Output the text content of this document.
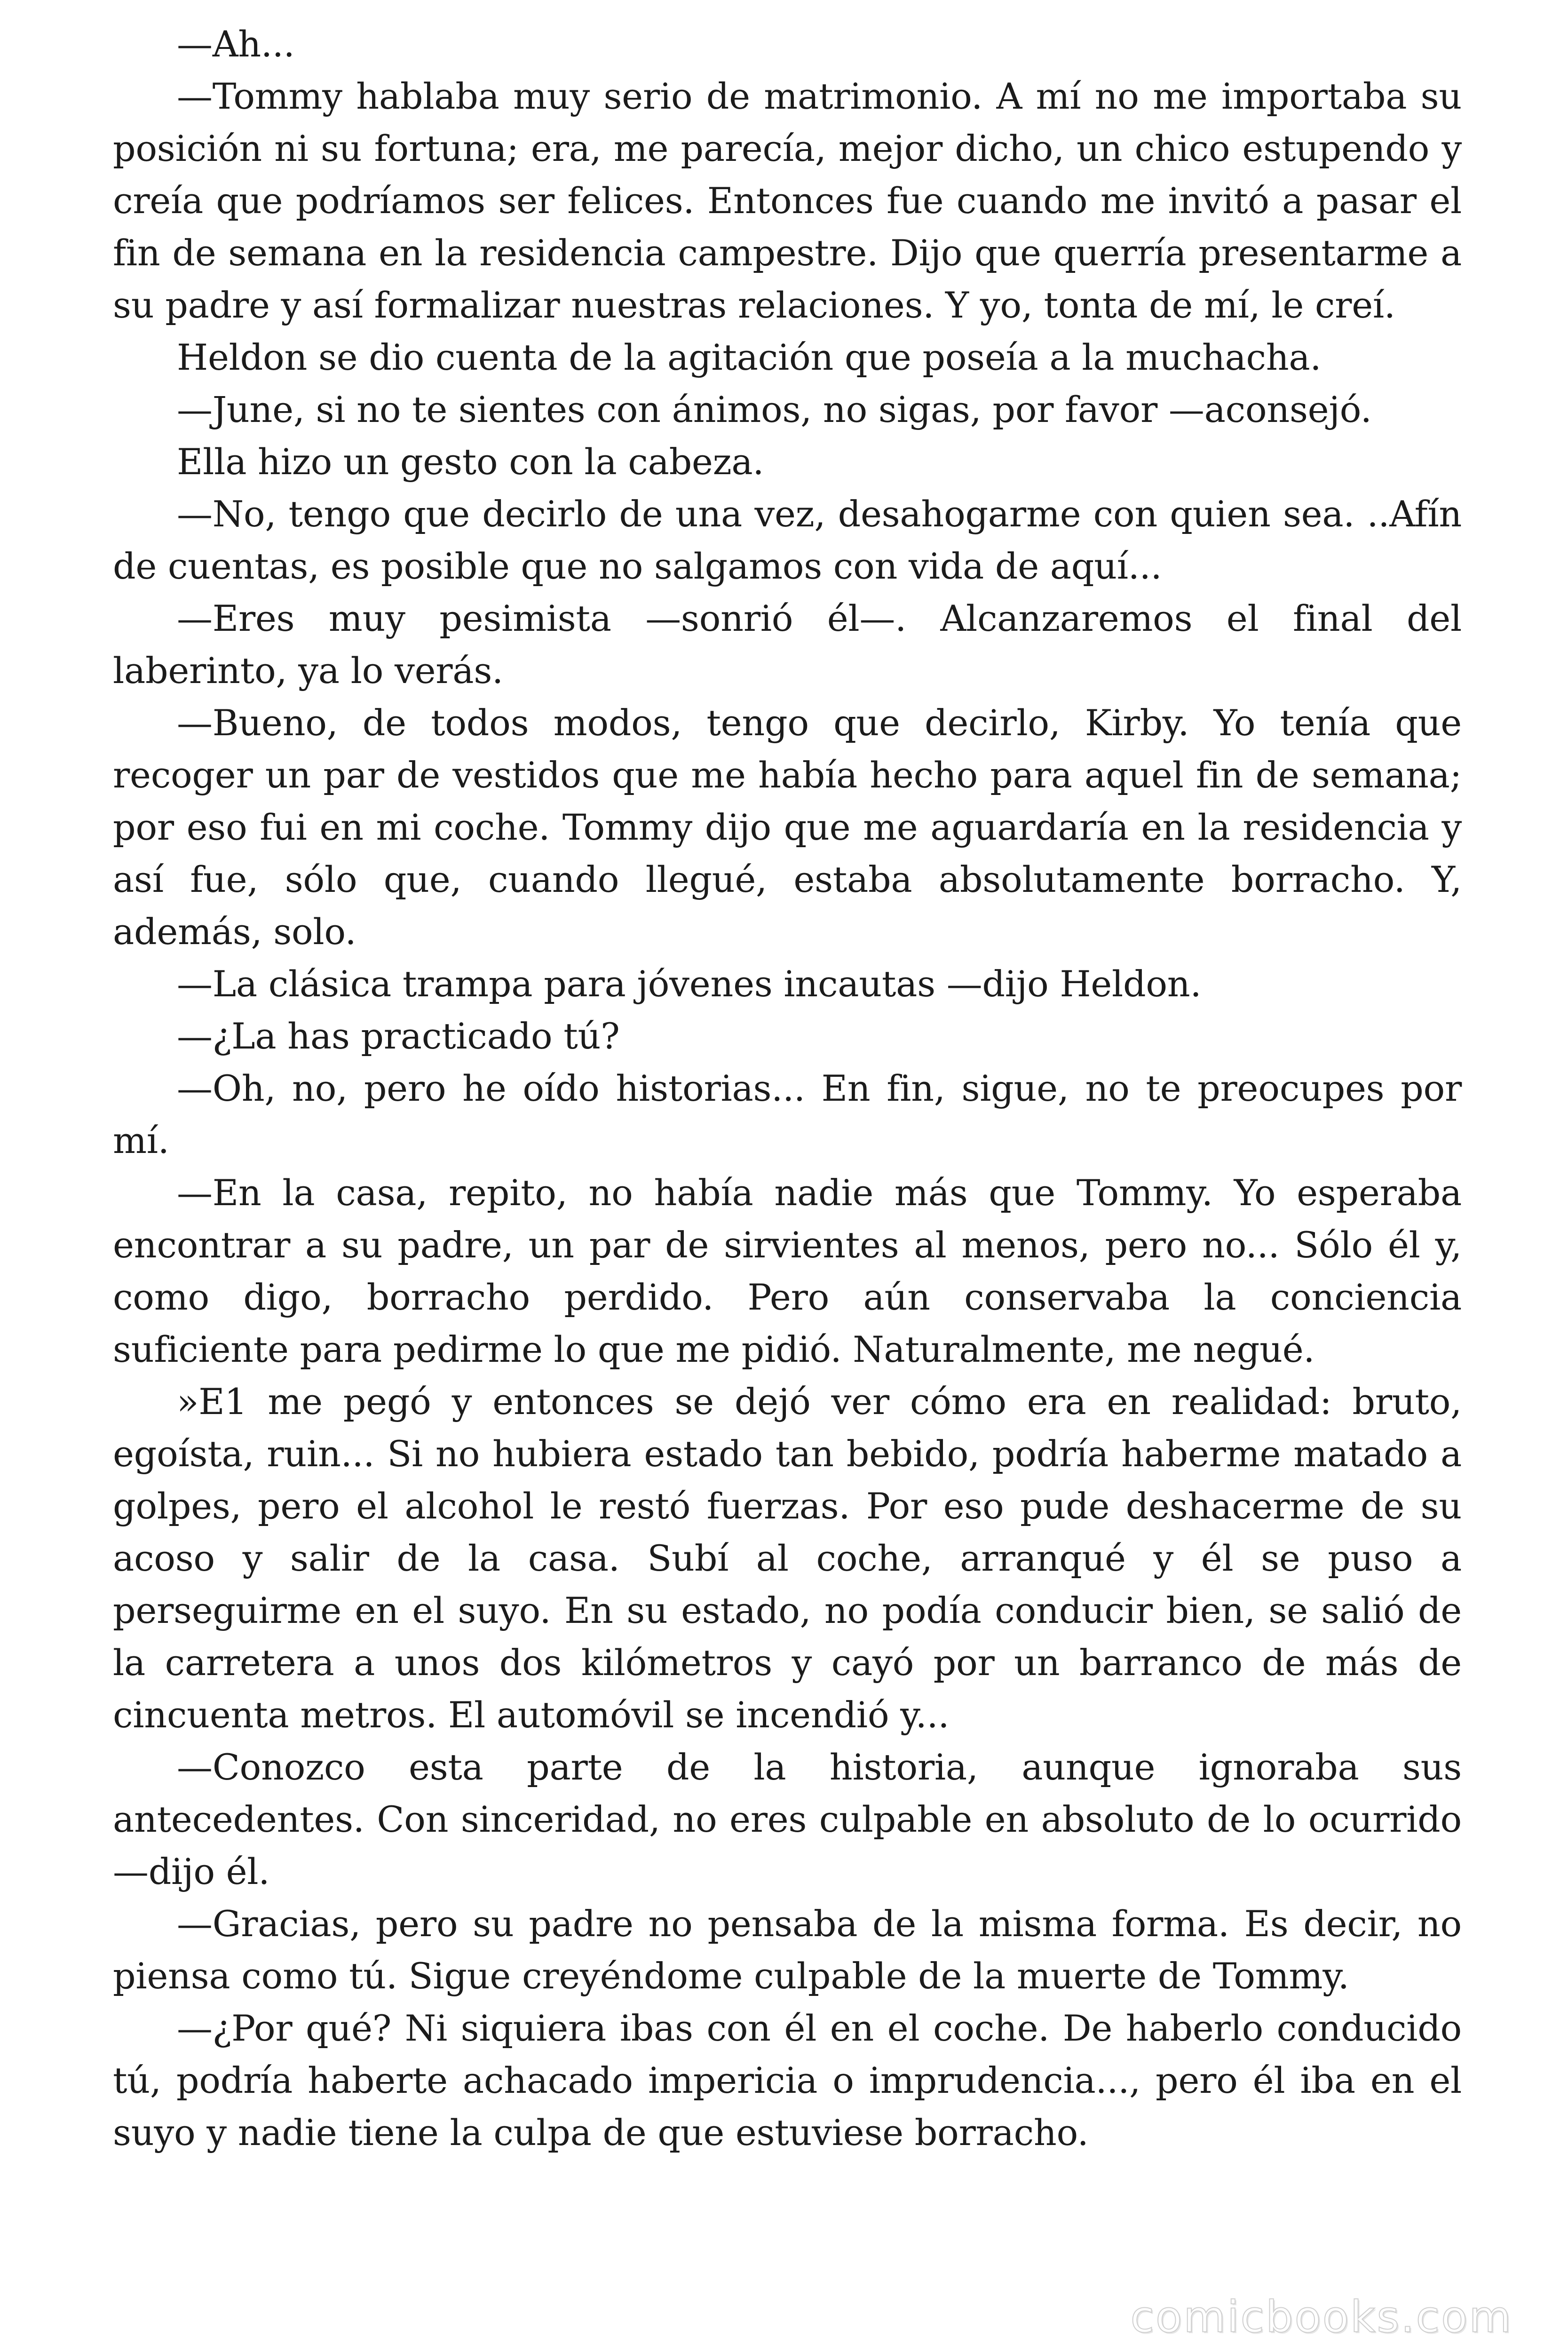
—Ah...

—Tommy hablaba muy serio de matrimonio. A mí no me importaba su posición ni su fortuna; era, me parecía, mejor dicho, un chico estupendo y creía que podríamos ser felices. Entonces fue cuando me invitó a pasar el fin de semana en la residencia campestre. Dijo que querría presentarme a su padre y así formalizar nuestras relaciones. Y yo, tonta de mí, le creí.

Heldon se dio cuenta de la agitación que poseía a la muchacha.

—June, si no te sientes con ánimos, no sigas, por favor —aconsejó.

Ella hizo un gesto con la cabeza.

—No, tengo que decirlo de una vez, desahogarme con quien sea. ..Afín de cuentas, es posible que no salgamos con vida de aquí...

—Eres muy pesimista —sonrió él—. Alcanzaremos el final del laberinto, ya lo verás.

—Bueno, de todos modos, tengo que decirlo, Kirby. Yo tenía que recoger un par de vestidos que me había hecho para aquel fin de semana; por eso fui en mi coche. Tommy dijo que me aguardaría en la residencia y así fue, sólo que, cuando llegué, estaba absolutamente borracho. Y, además, solo.

—La clásica trampa para jóvenes incautas —dijo Heldon.

—¿La has practicado tú?

—Oh, no, pero he oído historias... En fin, sigue, no te preocupes por mí.

—En la casa, repito, no había nadie más que Tommy. Yo esperaba encontrar a su padre, un par de sirvientes al menos, pero no... Sólo él y, como digo, borracho perdido. Pero aún conservaba la conciencia suficiente para pedirme lo que me pidió. Naturalmente, me negué.

»E1 me pegó y entonces se dejó ver cómo era en realidad: bruto, egoísta, ruin... Si no hubiera estado tan bebido, podría haberme matado a golpes, pero el alcohol le restó fuerzas. Por eso pude deshacerme de su acoso y salir de la casa. Subí al coche, arranqué y él se puso a perseguirme en el suyo. En su estado, no podía conducir bien, se salió de la carretera a unos dos kilómetros y cayó por un barranco de más de cincuenta metros. El automóvil se incendió y...

—Conozco esta parte de la historia, aunque ignoraba sus antecedentes. Con sinceridad, no eres culpable en absoluto de lo ocurrido —dijo él.

—Gracias, pero su padre no pensaba de la misma forma. Es decir, no piensa como tú. Sigue creyéndome culpable de la muerte de Tommy.

—¿Por qué? Ni siquiera ibas con él en el coche. De haberlo conducido tú, podría haberte achacado impericia o imprudencia..., pero él iba en el suyo y nadie tiene la culpa de que estuviese borracho.

comicbooks.com
